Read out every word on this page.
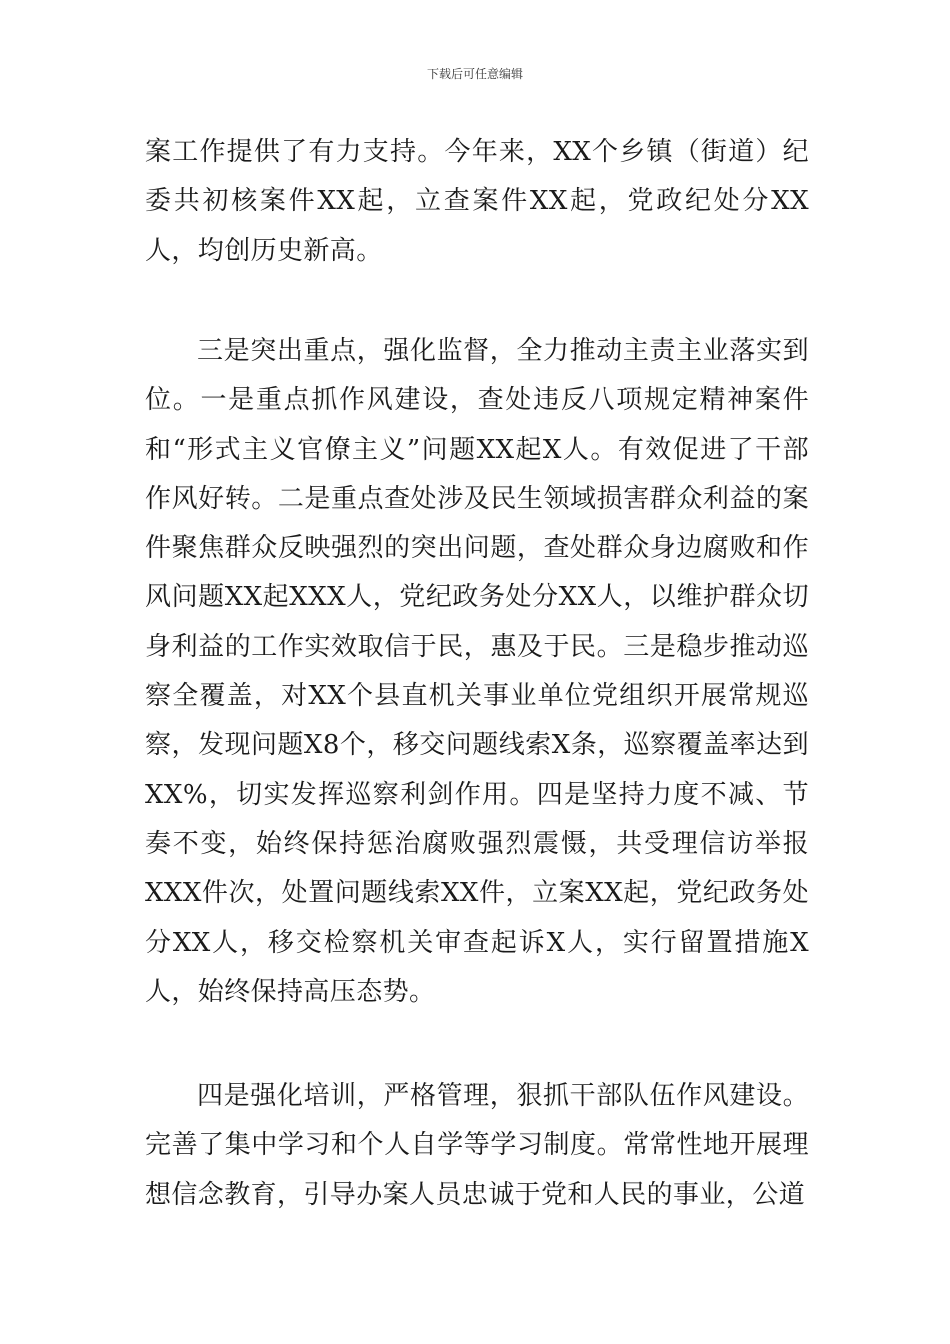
下载后可任意编辑

案工作提供了有力支持。今年来，XX个乡镇（街道）纪委共初核案件XX起，立查案件XX起，党政纪处分XX人，均创历史新高。

三是突出重点，强化监督，全力推动主责主业落实到位。一是重点抓作风建设，查处违反八项规定精神案件和“形式主义官僚主义”问题XX起X人。有效促进了干部作风好转。二是重点查处涉及民生领域损害群众利益的案件聚焦群众反映强烈的突出问题，查处群众身边腐败和作风问题XX起XXX人，党纪政务处分XX人，以维护群众切身利益的工作实效取信于民，惠及于民。三是稳步推动巡察全覆盖，对XX个县直机关事业单位党组织开展常规巡察，发现问题X8个，移交问题线索X条，巡察覆盖率达到XX%，切实发挥巡察利剑作用。四是坚持力度不减、节奏不变，始终保持惩治腐败强烈震慑，共受理信访举报XXX件次，处置问题线索XX件，立案XX起，党纪政务处分XX人，移交检察机关审查起诉X人，实行留置措施X人，始终保持高压态势。

四是强化培训，严格管理，狠抓干部队伍作风建设。完善了集中学习和个人自学等学习制度。常常性地开展理想信念教育，引导办案人员忠诚于党和人民的事业，公道
